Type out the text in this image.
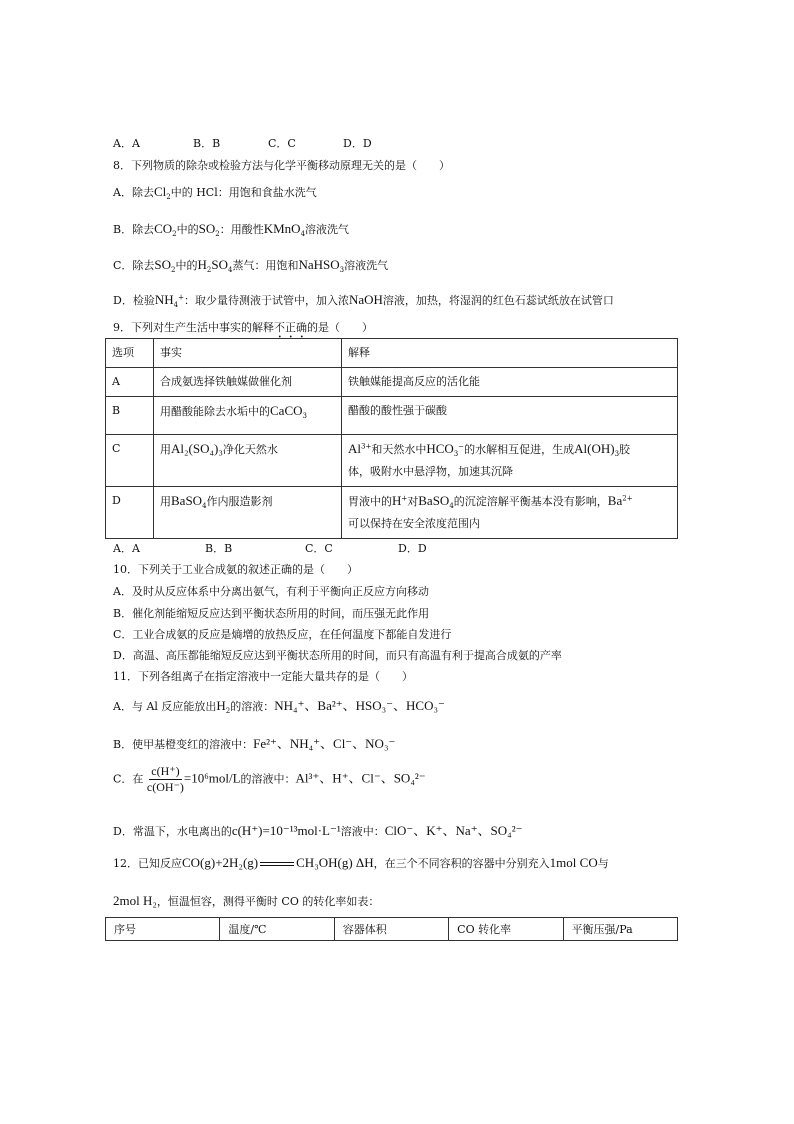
A．A	B．B	C．C	D．D
8．下列物质的除杂或检验方法与化学平衡移动原理无关的是（　　）
A．除去$Cl_2$中的 HCl：用饱和食盐水洗气
B．除去$CO_2$中的$SO_2$：用酸性KMnO$_4$溶液洗气
C．除去$SO_2$中的$H_2SO_4$蒸气：用饱和NaHSO$_3$溶液洗气
D．检验$NH_4^+$：取少量待测液于试管中，加入浓NaOH溶液，加热，将湿润的红色石蕊试纸放在试管口
9．下列对生产生活中事实的解释不正确的是（　　）
选项	事实	解释
A	合成氨选择铁触媒做催化剂	铁触媒能提高反应的活化能
B	用醋酸能除去水垢中的CaCO$_3$	醋酸的酸性强于碳酸
C	用Al₂(SO₄)₃净化天然水	$Al^{3+}$和天然水中$HCO_3^-$的水解相互促进，生成$Al(OH)_3$胶
体，吸附水中悬浮物，加速其沉降
D	用BaSO$_4$作内服造影剂	胃液中的H+对BaSO$_4$的沉淀溶解平衡基本没有影响，$Ba^{2+}$
可以保持在安全浓度范围内
A．A	B．B	C．C	D．D
10．下列关于工业合成氨的叙述正确的是（　　）
A．及时从反应体系中分离出氨气，有利于平衡向正反应方向移动
B．催化剂能缩短反应达到平衡状态所用的时间，而压强无此作用
C．工业合成氨的反应是熵增的放热反应，在任何温度下都能自发进行
D．高温、高压都能缩短反应达到平衡状态所用的时间，而只有高温有利于提高合成氨的产率
11．下列各组离子在指定溶液中一定能大量共存的是（　　）
A．与 Al 反应能放出$H_2$的溶液：NH₄⁺、Ba²⁺、HSO₃⁻、HCO₃⁻
B．使甲基橙变红的溶液中：Fe²⁺、NH₄⁺、Cl⁻、NO₃⁻
C．在 $\frac{c(H^+)}{c(OH^-)} =10^6mol/L$的溶液中：Al³⁺、H⁺、Cl⁻、SO₄²⁻
D．常温下，水电离出的c(H⁺)=10⁻¹³mol·L⁻¹溶液中：ClO⁻、K⁺、Na⁺、SO₄²⁻
12．已知反应CO(g)+2H₂(g)	CH₃OH(g) ΔH，在三个不同容积的容器中分别充入1mol CO与
2mol H₂，恒温恒容，测得平衡时 CO 的转化率如表：
序号	温度/℃	容器体积	CO 转化率	平衡压强/Pa
